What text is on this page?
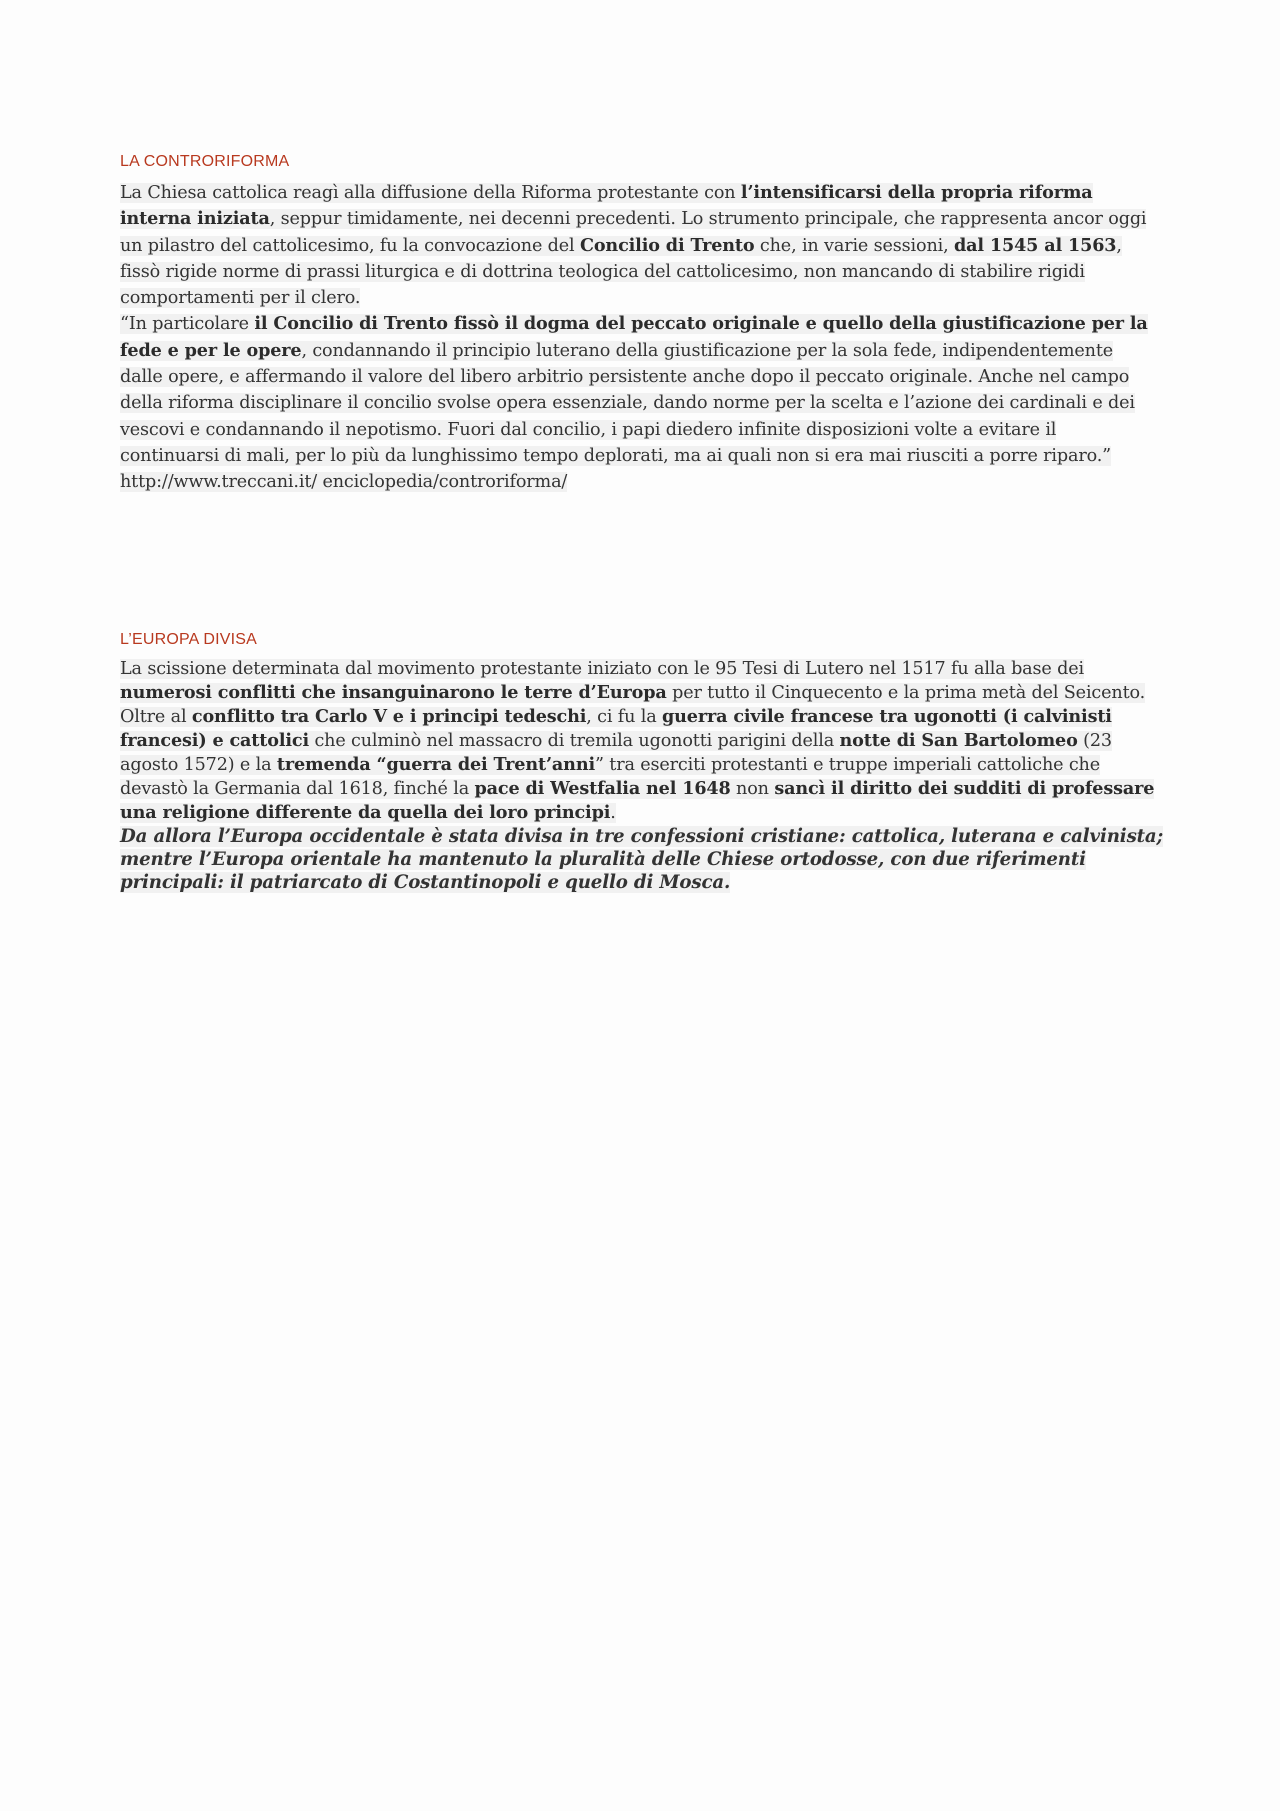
LA CONTRORIFORMA

La Chiesa cattolica reagì alla diffusione della Riforma protestante con l’intensificarsi della propria riforma interna iniziata, seppur timidamente, nei decenni precedenti. Lo strumento principale, che rappresenta ancor oggi un pilastro del cattolicesimo, fu la convocazione del Concilio di Trento che, in varie sessioni, dal 1545 al 1563, fissò rigide norme di prassi liturgica e di dottrina teologica del cattolicesimo, non mancando di stabilire rigidi comportamenti per il clero.

“In particolare il Concilio di Trento fissò il dogma del peccato originale e quello della giustificazione per la fede e per le opere, condannando il principio luterano della giustificazione per la sola fede, indipendentemente dalle opere, e affermando il valore del libero arbitrio persistente anche dopo il peccato originale. Anche nel campo della riforma disciplinare il concilio svolse opera essenziale, dando norme per la scelta e l’azione dei cardinali e dei vescovi e condannando il nepotismo. Fuori dal concilio, i papi diedero infinite disposizioni volte a evitare il continuarsi di mali, per lo più da lunghissimo tempo deplorati, ma ai quali non si era mai riusciti a porre riparo.” http://www.treccani.it/ enciclopedia/controriforma/

L’EUROPA DIVISA

La scissione determinata dal movimento protestante iniziato con le 95 Tesi di Lutero nel 1517 fu alla base dei numerosi conflitti che insanguinarono le terre d’Europa per tutto il Cinquecento e la prima metà del Seicento. Oltre al conflitto tra Carlo V e i principi tedeschi, ci fu la guerra civile francese tra ugonotti (i calvinisti francesi) e cattolici che culminò nel massacro di tremila ugonotti parigini della notte di San Bartolomeo (23 agosto 1572) e la tremenda “guerra dei Trent’anni” tra eserciti protestanti e truppe imperiali cattoliche che devastò la Germania dal 1618, finché la pace di Westfalia nel 1648 non sancì il diritto dei sudditi di professare una religione differente da quella dei loro principi.

Da allora l’Europa occidentale è stata divisa in tre confessioni cristiane: cattolica, luterana e calvinista; mentre l’Europa orientale ha mantenuto la pluralità delle Chiese ortodosse, con due riferimenti principali: il patriarcato di Costantinopoli e quello di Mosca.
